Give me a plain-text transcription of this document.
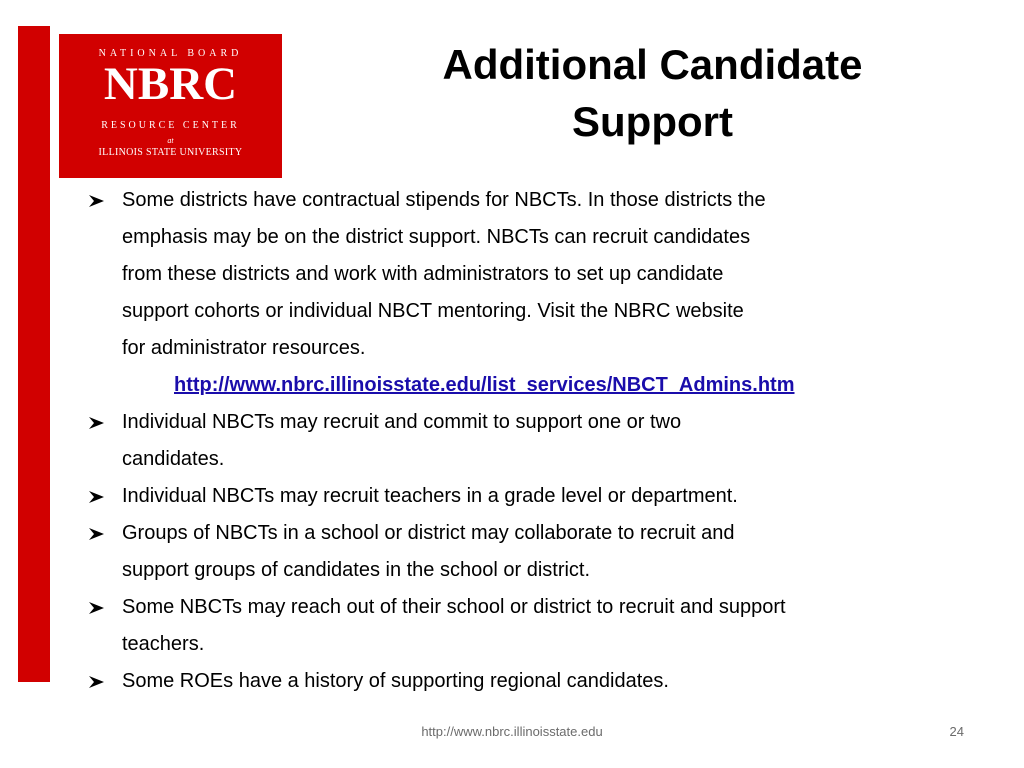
NATIONAL BOARD
NBRC
RESOURCE CENTER
at
ILLINOIS STATE UNIVERSITY
Additional Candidate
Support
Some districts have contractual stipends for NBCTs. In those districts the
emphasis may be on the district support. NBCTs can recruit candidates
from these districts and work with administrators to set up candidate
support cohorts or individual NBCT mentoring. Visit the NBRC website
for administrator resources.
http://www.nbrc.illinoisstate.edu/list_services/NBCT_Admins.htm
Individual NBCTs may recruit and commit to support one or two
candidates.
Individual NBCTs may recruit teachers in a grade level or department.
Groups of NBCTs in a school or district may collaborate to recruit and
support groups of candidates in the school or district.
Some NBCTs may reach out of their school or district to recruit and support
teachers.
Some ROEs have a history of supporting regional candidates.
http://www.nbrc.illinoisstate.edu	24
